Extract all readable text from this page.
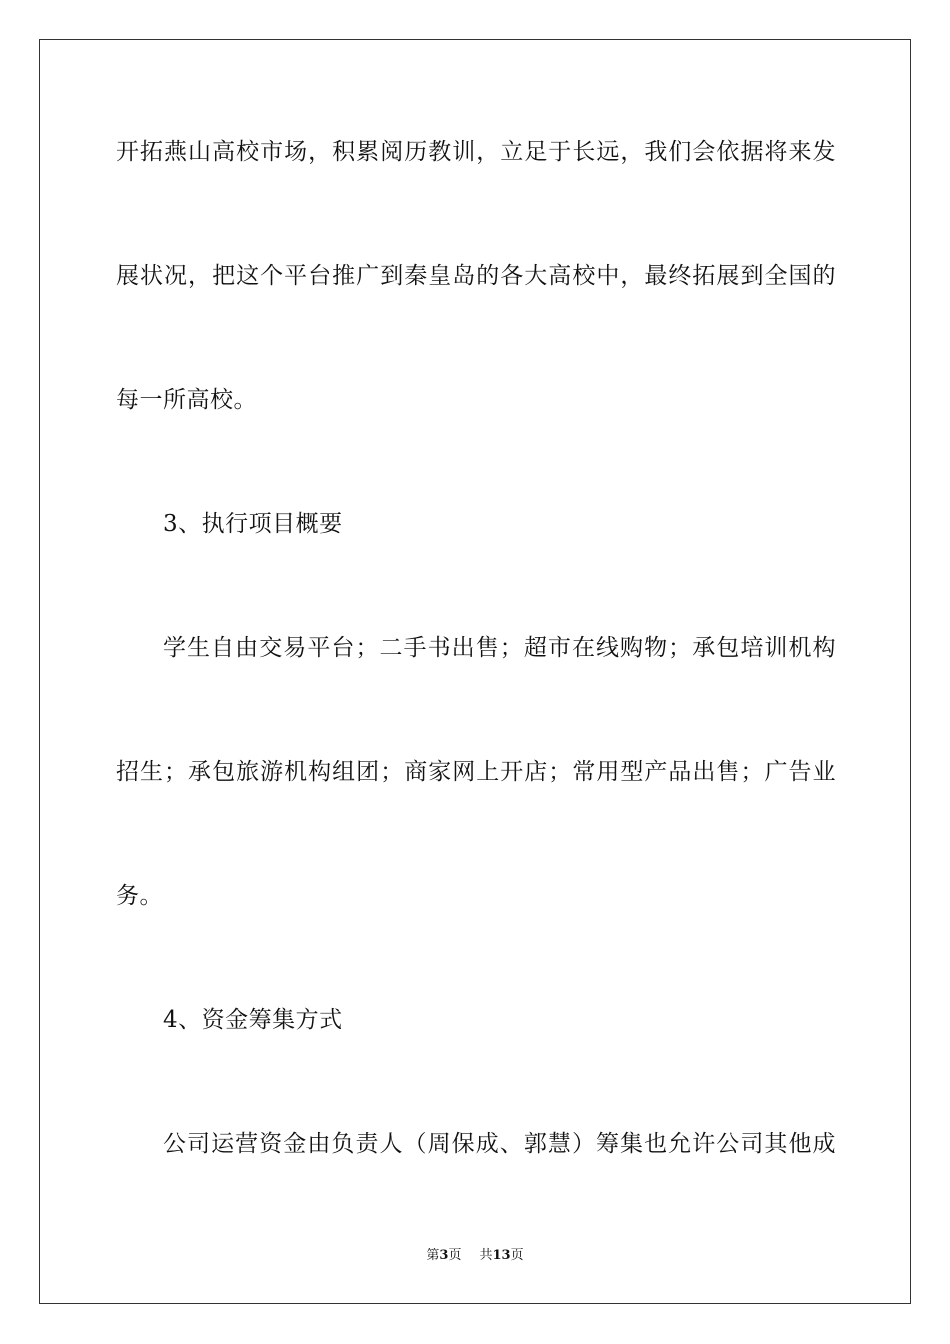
开拓燕山高校市场，积累阅历教训，立足于长远，我们会依据将来发
展状况，把这个平台推广到秦皇岛的各大高校中，最终拓展到全国的
每一所高校。
3、执行项目概要
学生自由交易平台；二手书出售；超市在线购物；承包培训机构
招生；承包旅游机构组团；商家网上开店；常用型产品出售；广告业
务。
4、资金筹集方式
公司运营资金由负责人（周保成、郭慧）筹集也允许公司其他成
第3页 共13页
